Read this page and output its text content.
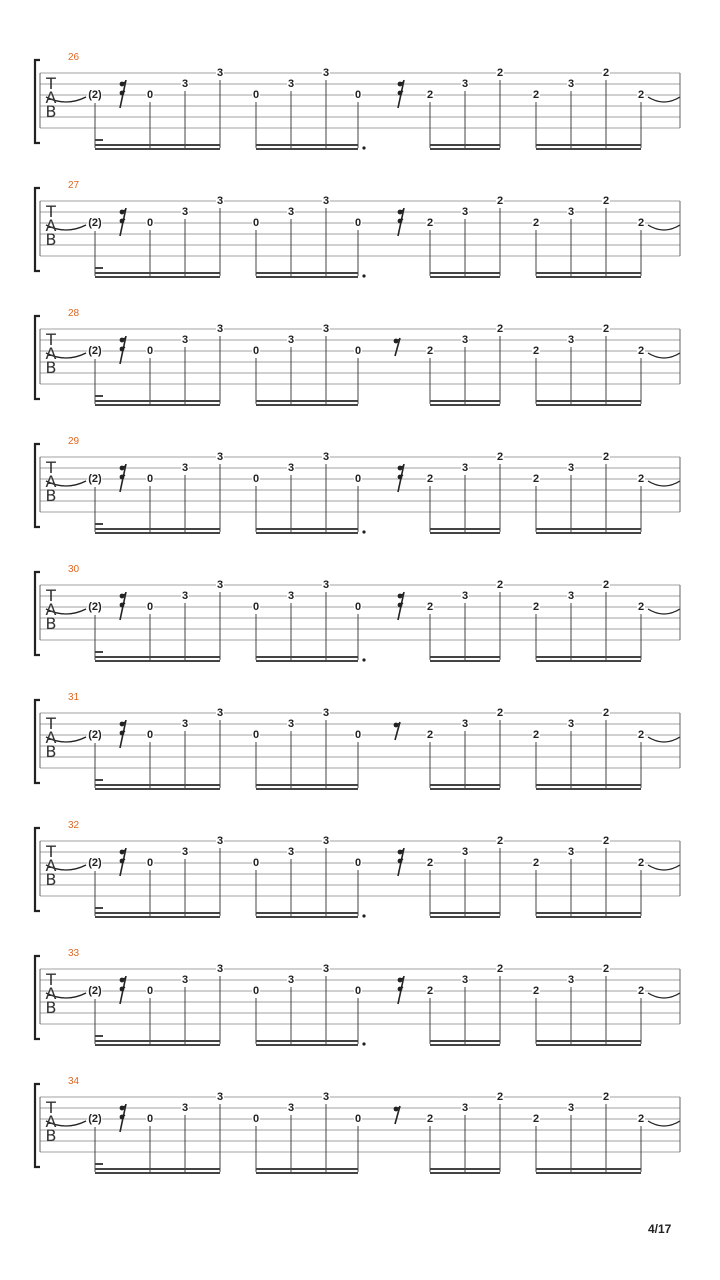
4/17
26
T
A
B
(2)	0
3
3
0
3
3
0	2
3
2
2
3
2
2
27
T
A
B
(2)	0
3
3
0
3
3
0	2
3
2
2
3
2
2
28
T
A
B
(2)	0
3
3
0
3
3
0	2
3
2
2
3
2
2
29
T
A
B
(2)	0
3
3
0
3
3
0	2
3
2
2
3
2
2
30
T
A
B
(2)	0
3
3
0
3
3
0	2
3
2
2
3
2
2
31
T
A
B
(2)	0
3
3
0
3
3
0	2
3
2
2
3
2
2
32
T
A
B
(2)	0
3
3
0
3
3
0	2
3
2
2
3
2
2
33
T
A
B
(2)	0
3
3
0
3
3
0	2
3
2
2
3
2
2
34
T
A
B
(2)	0
3
3
0
3
3
0	2
3
2
2
3
2
2
